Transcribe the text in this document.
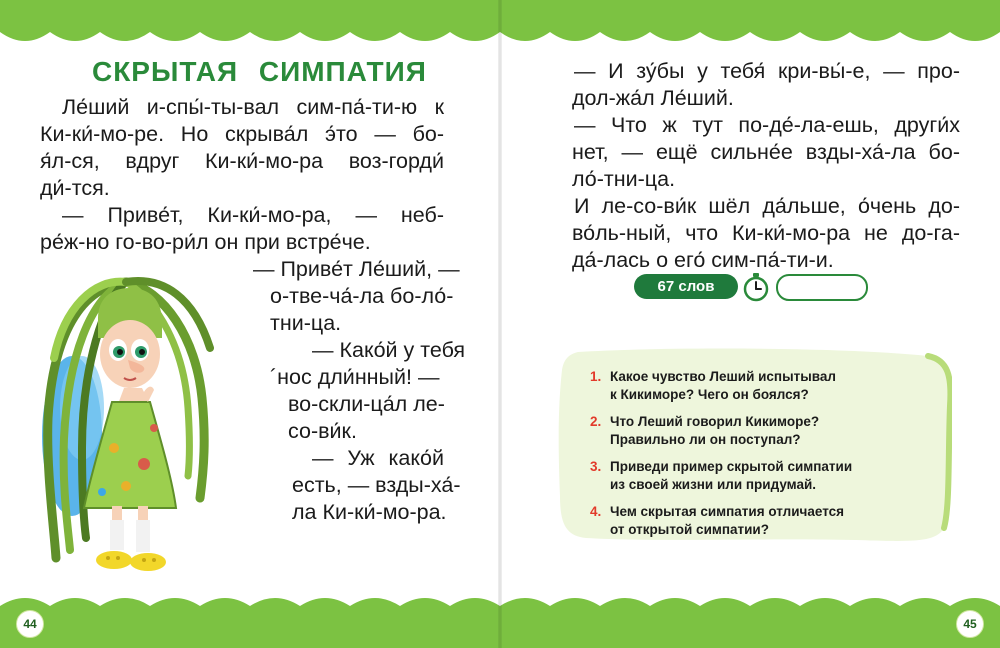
СКРЫТАЯ СИМПАТИЯ
Ле́ший и-спы́-ты-вал сим-па́-ти-ю к
Ки-ки́-мо-ре. Но скрыва́л э́то — бо-
я́л-ся, вдруг Ки-ки́-мо-ра воз-горди́
ди́-тся.
— Приве́т, Ки-ки́-мо-ра, — неб-
ре́ж-но го-во-ри́л он при встре́че.
— Приве́т Ле́ший, —
о-тве-ча́-ла бо-ло́-
тни-ца.
— Како́й у тебя
´нос дли́нный! —
во-скли-ца́л ле-
со-ви́к.
— Уж како́й
есть, — взды-ха́-
ла Ки-ки́-мо-ра.
— И зу́бы у тебя́ кри-вы́-е, — про-
дол-жа́л Ле́ший.
— Что ж тут по-де́-ла-ешь, други́х
нет, — ещё сильне́е взды-ха́-ла бо-
ло́-тни-ца.
И ле-со-ви́к шёл да́льше, о́чень до-
во́ль-ный, что Ки-ки́-мо-ра не до-га-
да́-лась о его́ сим-па́-ти-и.
67 слов
1. Какое чувство Леший испытывал
к Кикиморе? Чего он боялся?
2. Что Леший говорил Кикиморе?
Правильно ли он поступал?
3. Приведи пример скрытой симпатии
из своей жизни или придумай.
4. Чем скрытая симпатия отличается
от открытой симпатии?
44	45
